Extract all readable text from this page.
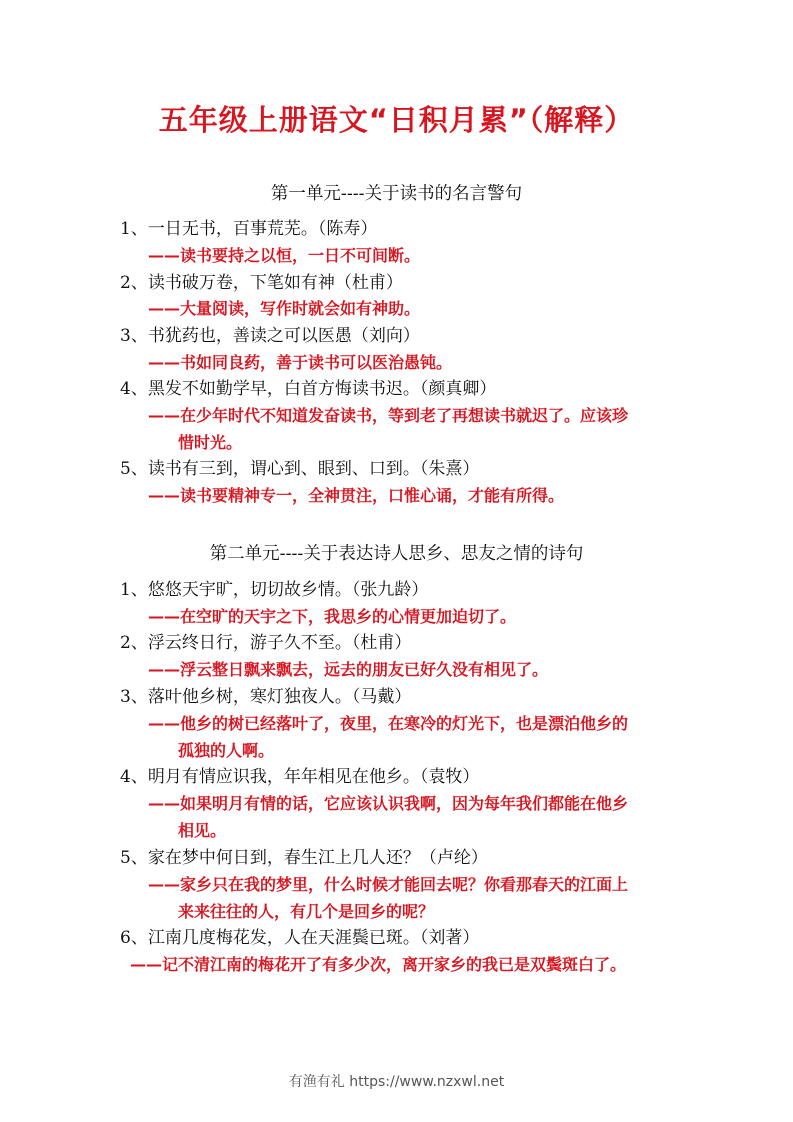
五年级上册语文“日积月累”（解释）
第一单元----关于读书的名言警句
1、一日无书，百事荒芜。（陈寿）
——读书要持之以恒，一日不可间断。
2、读书破万卷，下笔如有神（杜甫）
——大量阅读，写作时就会如有神助。
3、书犹药也，善读之可以医愚（刘向）
——书如同良药，善于读书可以医治愚钝。
4、黑发不如勤学早，白首方悔读书迟。（颜真卿）
——在少年时代不知道发奋读书，等到老了再想读书就迟了。应该珍
惜时光。
5、读书有三到，谓心到、眼到、口到。（朱熹）
——读书要精神专一，全神贯注，口惟心诵，才能有所得。
第二单元----关于表达诗人思乡、思友之情的诗句
1、悠悠天宇旷，切切故乡情。（张九龄）
——在空旷的天宇之下，我思乡的心情更加迫切了。
2、浮云终日行，游子久不至。（杜甫）
——浮云整日飘来飘去，远去的朋友已好久没有相见了。
3、落叶他乡树，寒灯独夜人。（马戴）
——他乡的树已经落叶了，夜里，在寒冷的灯光下，也是漂泊他乡的
孤独的人啊。
4、明月有情应识我，年年相见在他乡。（袁牧）
——如果明月有情的话，它应该认识我啊，因为每年我们都能在他乡
相见。
5、家在梦中何日到，春生江上几人还？（卢纶）
——家乡只在我的梦里，什么时候才能回去呢？你看那春天的江面上
来来往往的人，有几个是回乡的呢？
6、江南几度梅花发，人在天涯鬓已斑。（刘著）
——记不清江南的梅花开了有多少次，离开家乡的我已是双鬓斑白了。
有渔有礼 https://www.nzxwl.net
